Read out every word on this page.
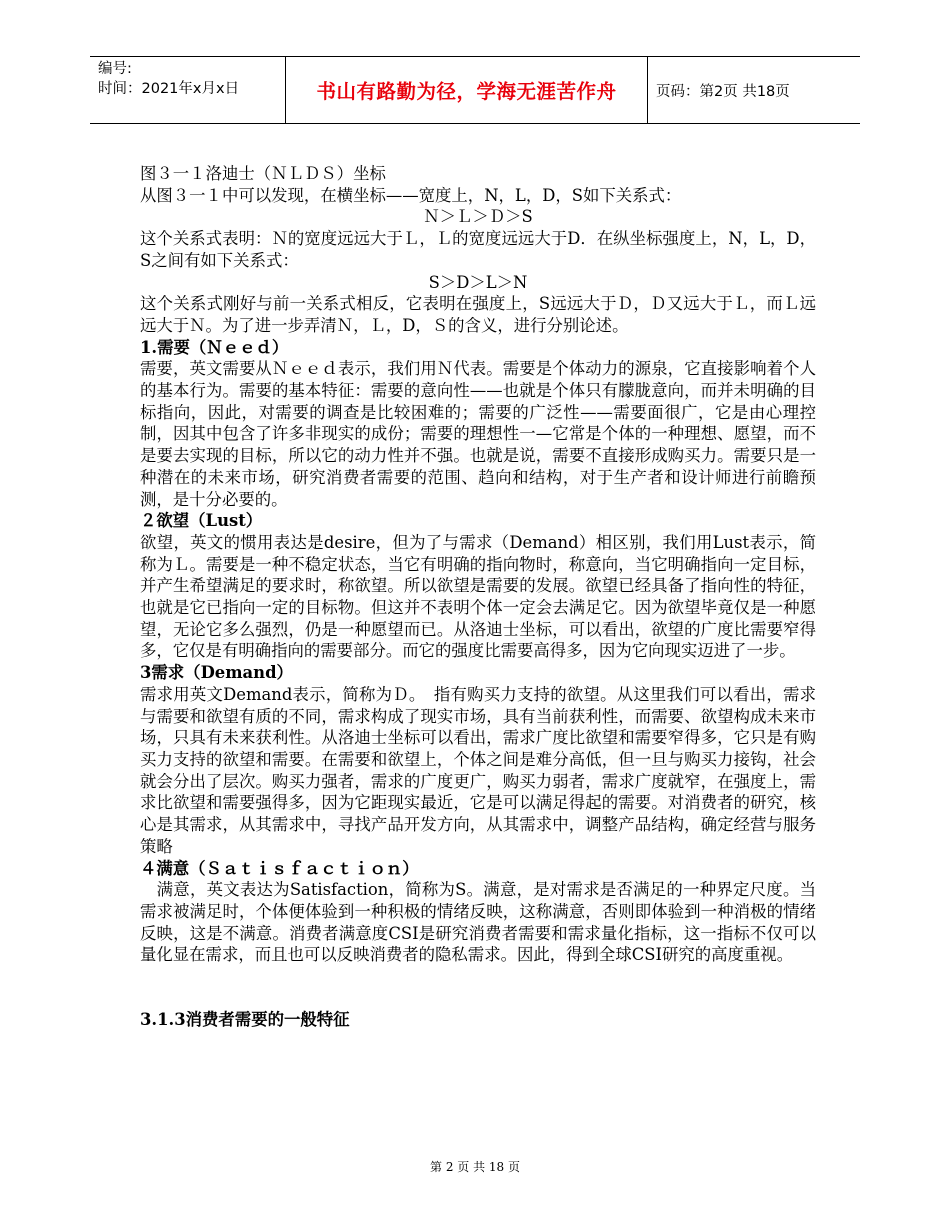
编号:
时间：2021年x月x日	书山有路勤为径，学海无涯苦作舟	页码：第2页 共18页

图３一１洛迪士（ＮＬＤＳ）坐标

从图３一１中可以发现，在横坐标——宽度上，N，L，D，S如下关系式：

Ｎ＞Ｌ＞Ｄ＞S

这个关系式表明：Ｎ的宽度远远大于Ｌ，Ｌ的宽度远远大于D．在纵坐标强度上，N，L，D，S之间有如下关系式：

S＞D＞L＞N

这个关系式刚好与前一关系式相反，它表明在强度上，S远远大于Ｄ，Ｄ又远大于Ｌ，而Ｌ远远大于Ｎ。为了进一步弄清Ｎ，Ｌ，D，Ｓ的含义，进行分别论述。

1.需要（Ｎｅｅｄ）

需要，英文需要从Ｎｅｅｄ表示，我们用Ｎ代表。需要是个体动力的源泉，它直接影响着个人的基本行为。需要的基本特征：需要的意向性——也就是个体只有朦胧意向，而并未明确的目标指向，因此，对需要的调查是比较困难的；需要的广泛性——需要面很广，它是由心理控制，因其中包含了许多非现实的成份；需要的理想性一—它常是个体的一种理想、愿望，而不是要去实现的目标，所以它的动力性并不强。也就是说，需要不直接形成购买力。需要只是一种潜在的未来市场，研究消费者需要的范围、趋向和结构，对于生产者和设计师进行前瞻预测，是十分必要的。

２欲望（Lust）

欲望，英文的惯用表达是desire，但为了与需求（Demand）相区别，我们用Lust表示，简称为Ｌ。需要是一种不稳定状态，当它有明确的指向物时，称意向，当它明确指向一定目标，并产生希望满足的要求时，称欲望。所以欲望是需要的发展。欲望已经具备了指向性的特征，也就是它已指向一定的目标物。但这并不表明个体一定会去满足它。因为欲望毕竟仅是一种愿望，无论它多么强烈，仍是一种愿望而已。从洛迪士坐标，可以看出，欲望的广度比需要窄得多，它仅是有明确指向的需要部分。而它的强度比需要高得多，因为它向现实迈进了一步。

3需求（Demand）

需求用英文Demand表示，简称为Ｄ。　指有购买力支持的欲望。从这里我们可以看出，需求与需要和欲望有质的不同，需求构成了现实市场，具有当前获利性，而需要、欲望构成未来市场，只具有未来获利性。从洛迪士坐标可以看出，需求广度比欲望和需要窄得多，它只是有购买力支持的欲望和需要。在需要和欲望上，个体之间是难分高低，但一旦与购买力接钩，社会就会分出了层次。购买力强者，需求的广度更广，购买力弱者，需求广度就窄，在强度上，需求比欲望和需要强得多，因为它距现实最近，它是可以满足得起的需要。对消费者的研究，核心是其需求，从其需求中，寻找产品开发方向，从其需求中，调整产品结构，确定经营与服务策略

４满意（Ｓａｔｉｓｆａｃｔｉｏｎ）

　满意，英文表达为Satisfaction，简称为S。满意，是对需求是否满足的一种界定尺度。当需求被满足时，个体便体验到一种积极的情绪反映，这称满意，否则即体验到一种消极的情绪反映，这是不满意。消费者满意度CSI是研究消费者需要和需求量化指标，这一指标不仅可以量化显在需求，而且也可以反映消费者的隐私需求。因此，得到全球CSI研究的高度重视。

3.1.3消费者需要的一般特征

第 2 页 共 18 页
